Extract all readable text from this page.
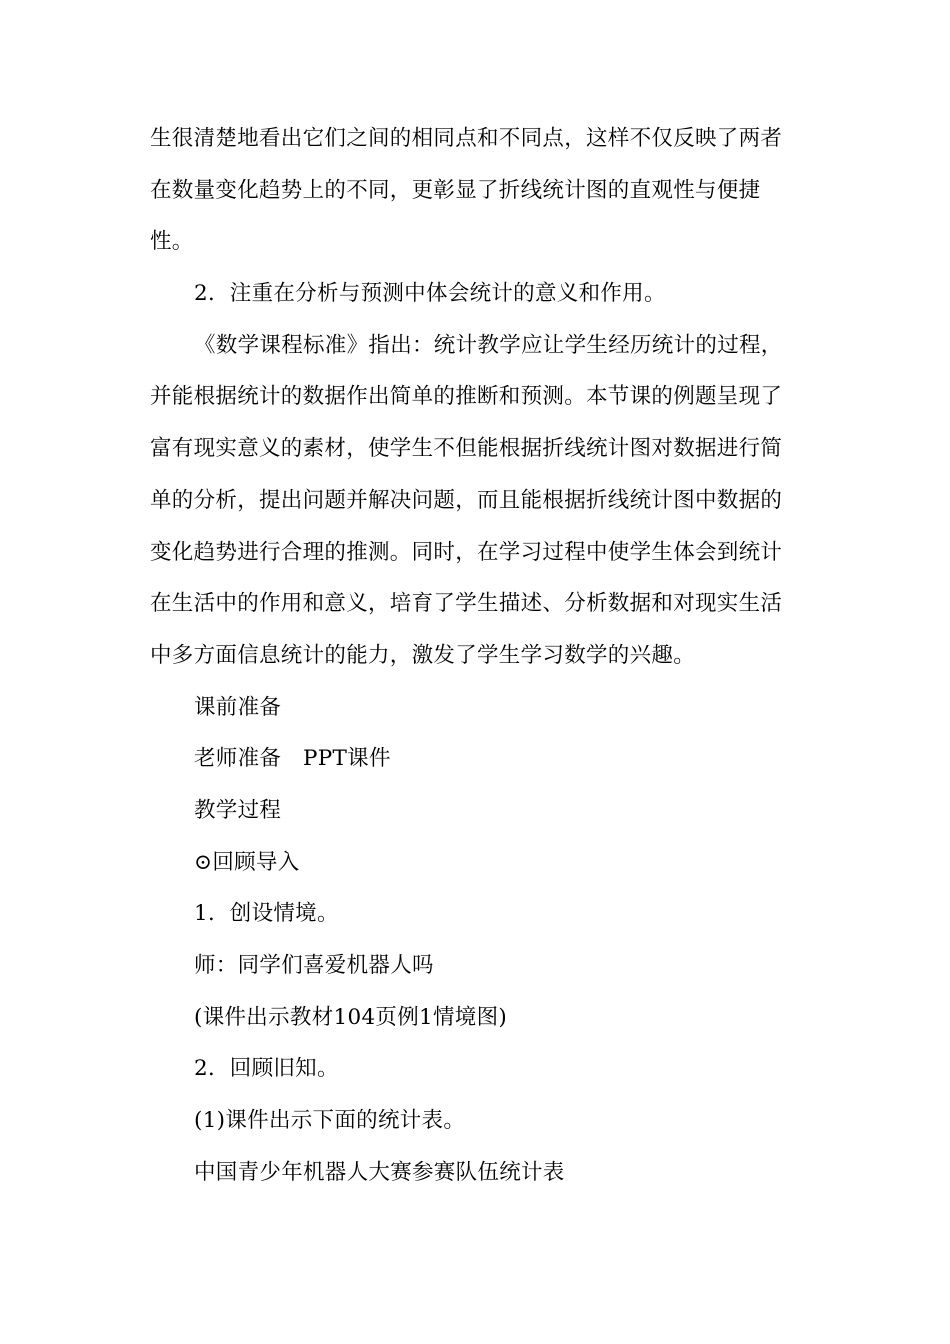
生很清楚地看出它们之间的相同点和不同点，这样不仅反映了两者
在数量变化趋势上的不同，更彰显了折线统计图的直观性与便捷
性。
2．注重在分析与预测中体会统计的意义和作用。
《数学课程标准》指出：统计教学应让学生经历统计的过程，
并能根据统计的数据作出简单的推断和预测。本节课的例题呈现了
富有现实意义的素材，使学生不但能根据折线统计图对数据进行简
单的分析，提出问题并解决问题，而且能根据折线统计图中数据的
变化趋势进行合理的推测。同时，在学习过程中使学生体会到统计
在生活中的作用和意义，培育了学生描述、分析数据和对现实生活
中多方面信息统计的能力，激发了学生学习数学的兴趣。
课前准备
老师准备　PPT课件
教学过程
⊙回顾导入
1．创设情境。
师：同学们喜爱机器人吗
(课件出示教材104页例1情境图)
2．回顾旧知。
(1)课件出示下面的统计表。
中国青少年机器人大赛参赛队伍统计表
